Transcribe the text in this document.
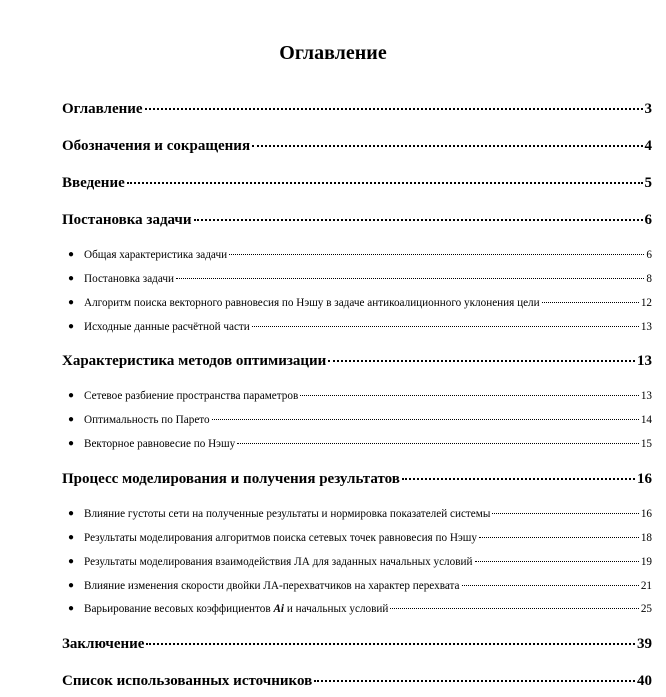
Оглавление
Оглавление	3
Обозначения и сокращения	4
Введение	5
Постановка задачи	6
● Общая характеристика задачи	6
● Постановка задачи	8
● Алгоритм поиска векторного равновесия по Нэшу в задаче антикоалиционного уклонения цели	12
● Исходные данные расчётной части	13
Характеристика методов оптимизации	13
● Сетевое разбиение пространства параметров	13
● Оптимальность по Парето	14
● Векторное равновесие по Нэшу	15
Процесс моделирования и получения результатов	16
● Влияние густоты сети на полученные результаты и нормировка показателей системы	16
● Результаты моделирования алгоритмов поиска сетевых точек равновесия по Нэшу	18
● Результаты моделирования взаимодействия ЛА для заданных начальных условий	19
● Влияние изменения скорости двойки ЛА-перехватчиков на характер перехвата	21
● Варьирование весовых коэффициентов Ai и начальных условий	25
Заключение	39
Список использованных источников	40
